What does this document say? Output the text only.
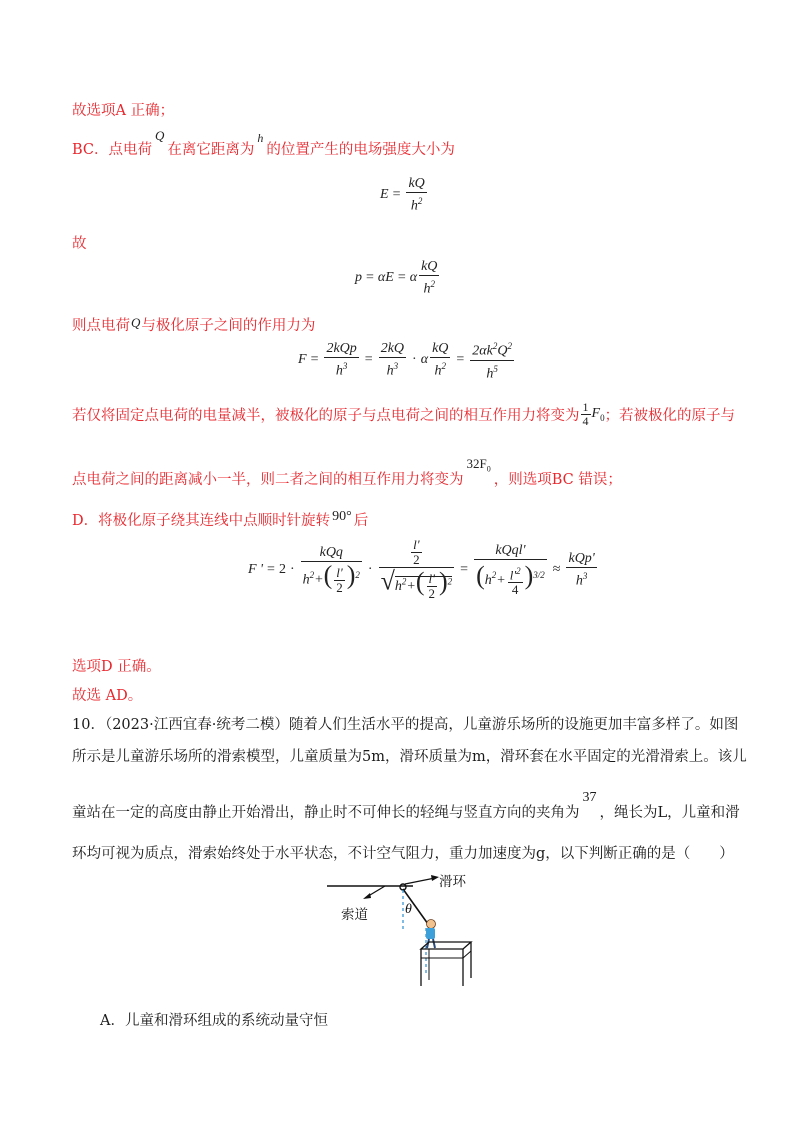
故选项A 正确；
BC．点电荷Q在离它距离为$^h$的位置产生的电场强度大小为
$E = \frac{kQ}{h^2}$
故
p = αE = α $\frac{kQ}{h^2}$
则点电荷Q与极化原子之间的作用力为
$F = \frac{\text{2kQp}}{h^3} = \frac{2kQ}{h^3} \cdot \alpha \frac{kQ}{h^2} = \frac{2\alpha k^2Q^2}{h^5}$
若仅将固定点电荷的电量减半，被极化的原子与点电荷之间的相互作用力将变为 $\frac{1}{4} F_0$ ；若被极化的原子与
点电荷之间的距离减小一半，则二者之间的相互作用力将变为$32F_0$，则选项BC 错误；
D．将极化原子绕其连线中点顺时针旋转 90° 后
F ' = $2 \cdot \frac{\text{kQq}}{h^2+( \frac{l'}{2} )^2} \cdot \frac{\frac{l'}{2}}{√h^2+( \frac{l'}{2} )^2} = \frac{\text{kQql'}}{(h^2+ \frac{l'^2}{4} )^{3/2}} \approx \frac{\text{kQp'}}{h^3}$
选项D 正确。
故选 AD。
10．（2023·江西宜春·统考二模）随着人们生活水平的提高，儿童游乐场所的设施更加丰富多样了。如图
所示是儿童游乐场所的滑索模型，儿童质量为5m，滑环质量为m，滑环套在水平固定的光滑滑索上。该儿
童站在一定的高度由静止开始滑出，静止时不可伸长的轻绳与竖直方向的夹角为37，绳长为L，儿童和滑
环均可视为质点，滑索始终处于水平状态，不计空气阻力，重力加速度为g，以下判断正确的是（　　）
滑环
索道	θ
A．儿童和滑环组成的系统动量守恒
